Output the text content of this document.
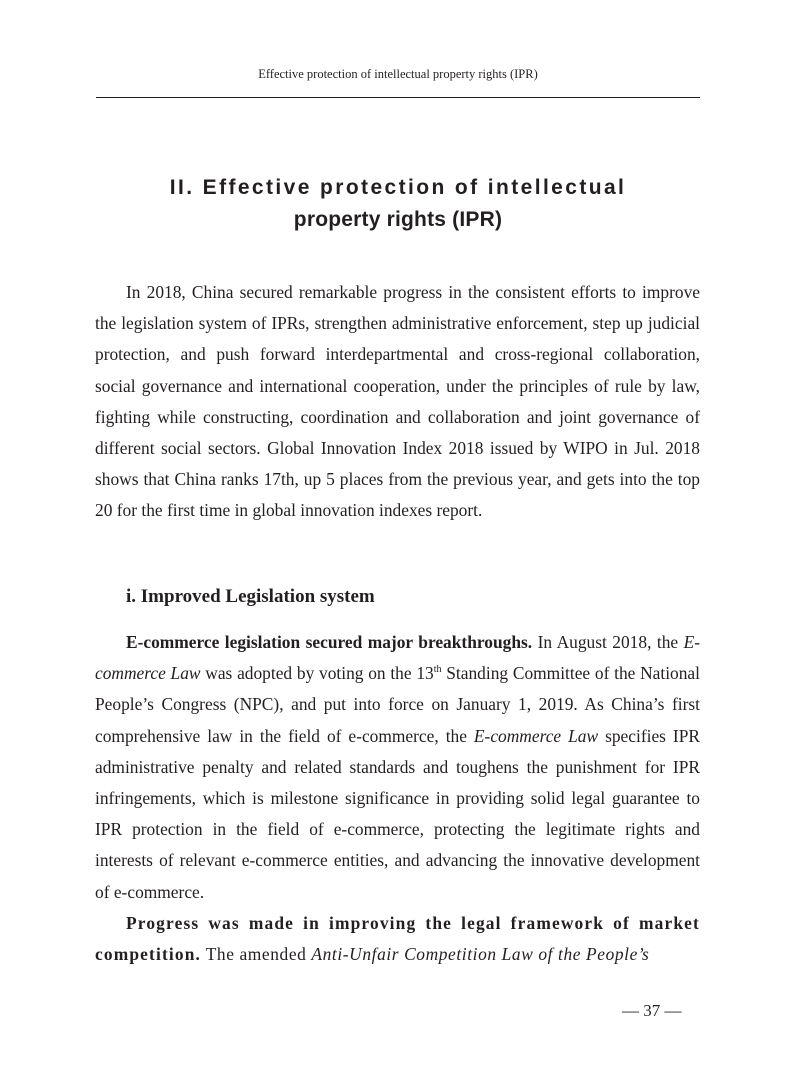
Effective protection of intellectual property rights (IPR)
II. Effective protection of intellectual
property rights (IPR)

In 2018, China secured remarkable progress in the consistent efforts to improve the legislation system of IPRs, strengthen administrative enforcement, step up judicial protection, and push forward interdepartmental and cross-regional collaboration, social governance and international cooperation, under the principles of rule by law, fighting while constructing, coordination and collaboration and joint governance of different social sectors. Global Innovation Index 2018 issued by WIPO in Jul. 2018 shows that China ranks 17th, up 5 places from the previous year, and gets into the top 20 for the first time in global innovation indexes report.

i. Improved Legislation system

E-commerce legislation secured major breakthroughs. In August 2018, the E-commerce Law was adopted by voting on the 13th Standing Committee of the National People’s Congress (NPC), and put into force on January 1, 2019. As China’s first comprehensive law in the field of e-commerce, the E-commerce Law specifies IPR administrative penalty and related standards and toughens the punishment for IPR infringements, which is milestone significance in providing solid legal guarantee to IPR protection in the field of e-commerce, protecting the legitimate rights and interests of relevant e-commerce entities, and advancing the innovative development of e-commerce.

Progress was made in improving the legal framework of market competition. The amended Anti-Unfair Competition Law of the People’s

— 37 —
